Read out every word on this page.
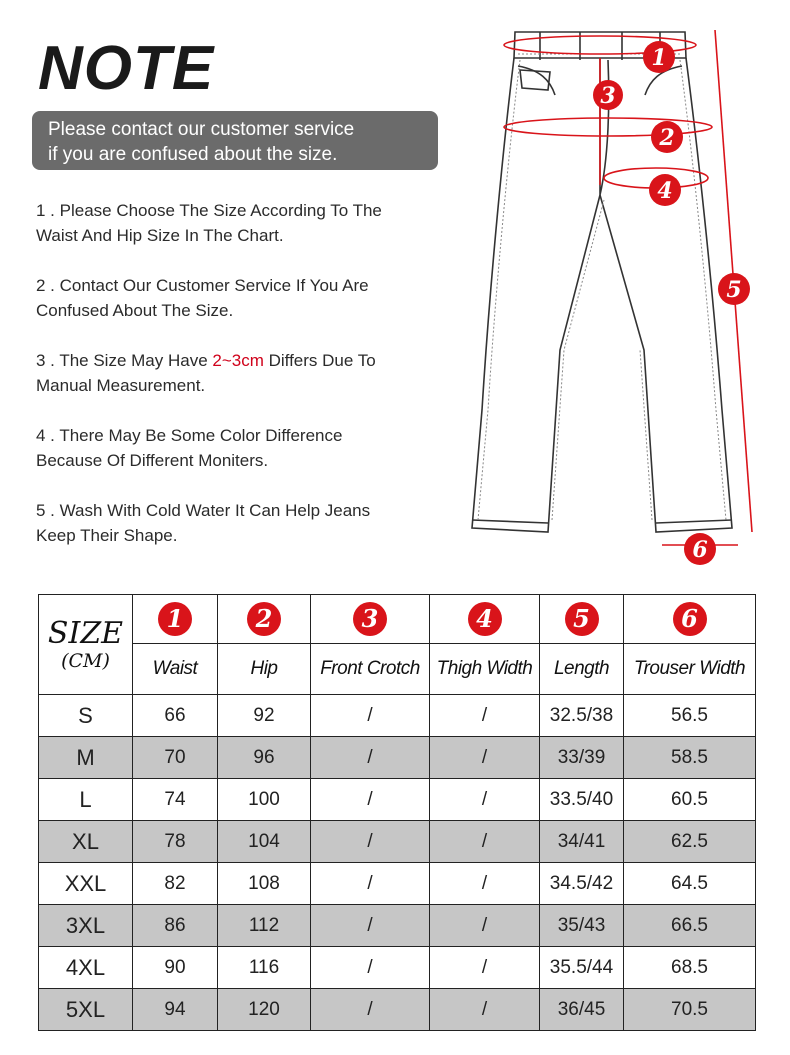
NOTE
Please contact our customer service
if you are confused about the size.
1 . Please Choose The Size According To The
Waist And Hip Size In The Chart.
2 . Contact Our Customer Service If You Are
Confused About The Size.
3 . The Size May Have 2~3cm Differs Due To
Manual Measurement.
4 . There May Be Some Color Difference
Because Of Different Moniters.
5 . Wash With Cold Water It Can Help Jeans
Keep Their Shape.
1
3
2
4
5
6
SIZE
(CM)	1	2	3	4	5	6
	Waist	Hip	Front Crotch	Thigh Width	Length	Trouser Width
S	66	92	/	/	32.5/38	56.5
M	70	96	/	/	33/39	58.5
L	74	100	/	/	33.5/40	60.5
XL	78	104	/	/	34/41	62.5
XXL	82	108	/	/	34.5/42	64.5
3XL	86	112	/	/	35/43	66.5
4XL	90	116	/	/	35.5/44	68.5
5XL	94	120	/	/	36/45	70.5
